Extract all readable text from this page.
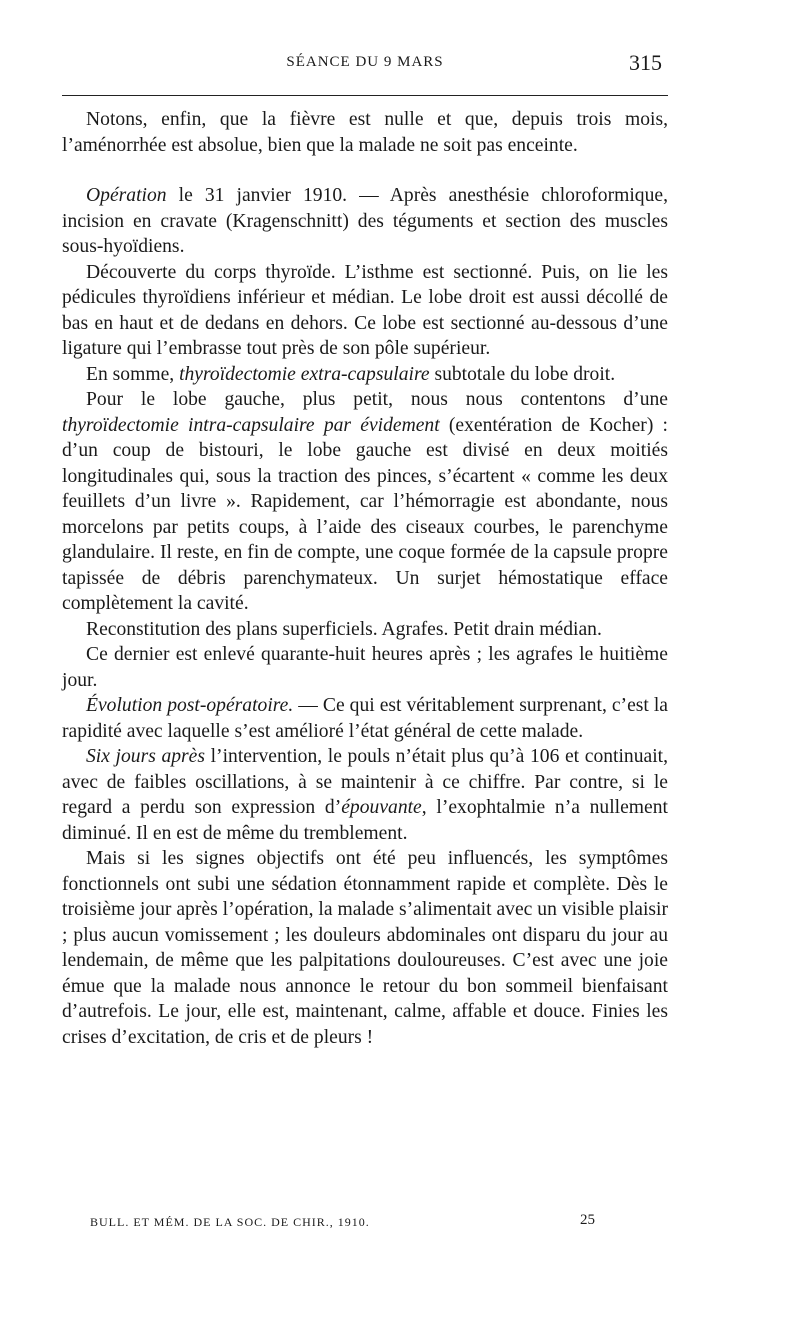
SÉANCE DU 9 MARS	315

Notons, enfin, que la fièvre est nulle et que, depuis trois mois, l’aménorrhée est absolue, bien que la malade ne soit pas enceinte.

Opération le 31 janvier 1910. — Après anesthésie chloroformique, incision en cravate (Kragenschnitt) des téguments et section des muscles sous-hyoïdiens.

Découverte du corps thyroïde. L’isthme est sectionné. Puis, on lie les pédicules thyroïdiens inférieur et médian. Le lobe droit est aussi décollé de bas en haut et de dedans en dehors. Ce lobe est sectionné au-dessous d’une ligature qui l’embrasse tout près de son pôle supérieur.

En somme, thyroïdectomie extra-capsulaire subtotale du lobe droit.

Pour le lobe gauche, plus petit, nous nous contentons d’une thyroïdectomie intra-capsulaire par évidement (exentération de Kocher) : d’un coup de bistouri, le lobe gauche est divisé en deux moitiés longitudinales qui, sous la traction des pinces, s’écartent « comme les deux feuillets d’un livre ». Rapidement, car l’hémorragie est abondante, nous morcelons par petits coups, à l’aide des ciseaux courbes, le parenchyme glandulaire. Il reste, en fin de compte, une coque formée de la capsule propre tapissée de débris parenchymateux. Un surjet hémostatique efface complètement la cavité.

Reconstitution des plans superficiels. Agrafes. Petit drain médian.

Ce dernier est enlevé quarante-huit heures après ; les agrafes le huitième jour.

Évolution post-opératoire. — Ce qui est véritablement surprenant, c’est la rapidité avec laquelle s’est amélioré l’état général de cette malade.

Six jours après l’intervention, le pouls n’était plus qu’à 106 et continuait, avec de faibles oscillations, à se maintenir à ce chiffre. Par contre, si le regard a perdu son expression d’épouvante, l’exophtalmie n’a nullement diminué. Il en est de même du tremblement.

Mais si les signes objectifs ont été peu influencés, les symptômes fonctionnels ont subi une sédation étonnamment rapide et complète. Dès le troisième jour après l’opération, la malade s’alimentait avec un visible plaisir ; plus aucun vomissement ; les douleurs abdominales ont disparu du jour au lendemain, de même que les palpitations douloureuses. C’est avec une joie émue que la malade nous annonce le retour du bon sommeil bienfaisant d’autrefois. Le jour, elle est, maintenant, calme, affable et douce. Finies les crises d’excitation, de cris et de pleurs !

BULL. ET MÉM. DE LA SOC. DE CHIR., 1910.	25
